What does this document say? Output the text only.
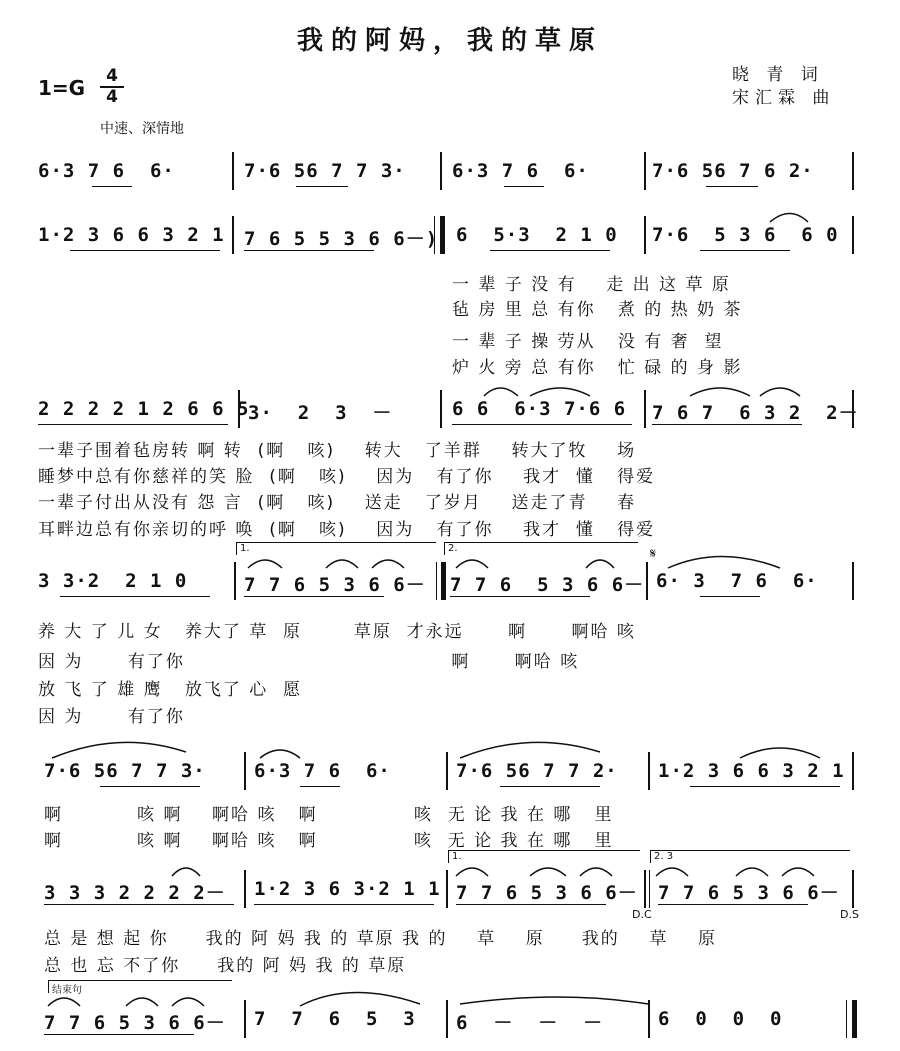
我的阿妈，我的草原
1=G	4
4
晓 青 词
宋汇霖 曲
中速、深情地
6·3 7 6  6·	7·6 56 7 7 3· 6·3 7 6  6·	7·6 56 7 6 2·
1·2 3 6 6 3 2 1 7 6 5 5 3 6 6－) 6  5·3  2 1 0 7·6  5 3 6  6 0
一 辈 子 没 有    走 出 这 草 原
毡 房 里 总 有你   煮 的 热 奶 茶
一 辈 子 操 劳从   没 有 奢  望
炉 火 旁 总 有你   忙 碌 的 身 影
2 2 2 2 1 2 6 6 5
3·  2  3  －	6 6  6·3 7·6 6 7 6 7  6 3 2  2－
一辈子围着毡房转 啊 转  (啊   咳)    转大   了羊群    转大了牧    场
睡梦中总有你慈祥的笑 脸  (啊   咳)    因为   有了你    我才  懂   得爱
一辈子付出从没有 怨 言  (啊   咳)    送走   了岁月    送走了青    春
耳畔边总有你亲切的呼 唤  (啊   咳)    因为   有了你    我才  懂   得爱
1.	2.	𝄋
3 3·2  2 1 0	7 7 6 5 3 6 6－ 7 7 6  5 3 6 6－ 6· 3  7 6  6·
养 大 了 儿 女   养大了 草  原       草原  才永远      啊      啊哈 咳
因 为      有了你                                    啊      啊哈 咳
放 飞 了 雄 鹰   放飞了 心  愿
因 为      有了你
7·6 56 7 7 3·	6·3 7 6  6·	7·6 56 7 7 2· 1·2 3 6 6 3 2 1
啊          咳 啊    啊哈 咳   啊             咳  无 论 我 在 哪   里
啊          咳 啊    啊哈 咳   啊             咳  无 论 我 在 哪   里
1.	2. 3
3 3 3 2 2 2 2－ 1·2 3 6 3·2 1 1 7 7 6 5 3 6 6－ 7 7 6 5 3 6 6－
D.C	D.S
总 是 想 起 你     我的 阿 妈 我 的 草原 我 的    草    原     我的    草    原
总 也 忘 不了你     我的 阿 妈 我 的 草原
结束句
7 7 6 5 3 6 6－ 7  7  6  5  3 6  －  －  －	6  0  0  0
